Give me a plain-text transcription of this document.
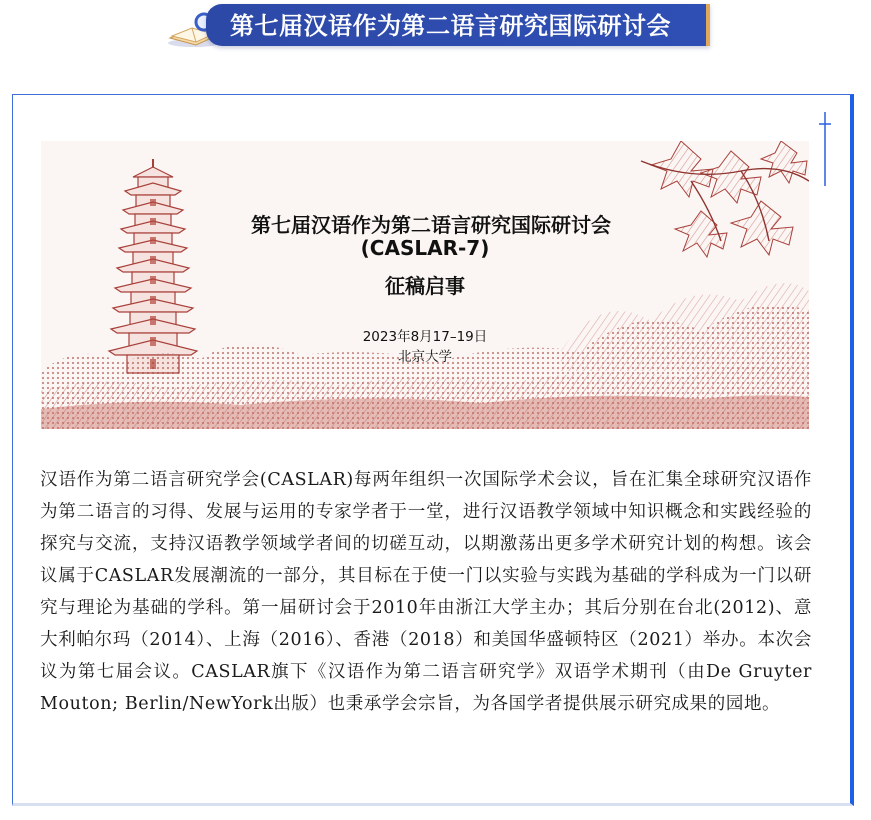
第七届汉语作为第二语言研究国际研讨会
第七届汉语作为第二语言研究国际研讨会
(CASLAR-7)
征稿启事
2023年8月17–19日
北京大学
汉语作为第二语言研究学会(CASLAR)每两年组织一次国际学术会议，旨在汇集全球研究汉语作为第二语言的习得、发展与运用的专家学者于一堂，进行汉语教学领域中知识概念和实践经验的探究与交流，支持汉语教学领域学者间的切磋互动，以期激荡出更多学术研究计划的构想。该会议属于CASLAR发展潮流的一部分，其目标在于使一门以实验与实践为基础的学科成为一门以研究与理论为基础的学科。第一届研讨会于2010年由浙江大学主办；其后分别在台北(2012)、意大利帕尔玛（2014）、上海（2016）、香港（2018）和美国华盛顿特区（2021）举办。本次会议为第七届会议。CASLAR旗下《汉语作为第二语言研究学》双语学术期刊（由De Gruyter Mouton; Berlin/NewYork出版）也秉承学会宗旨，为各国学者提供展示研究成果的园地。
